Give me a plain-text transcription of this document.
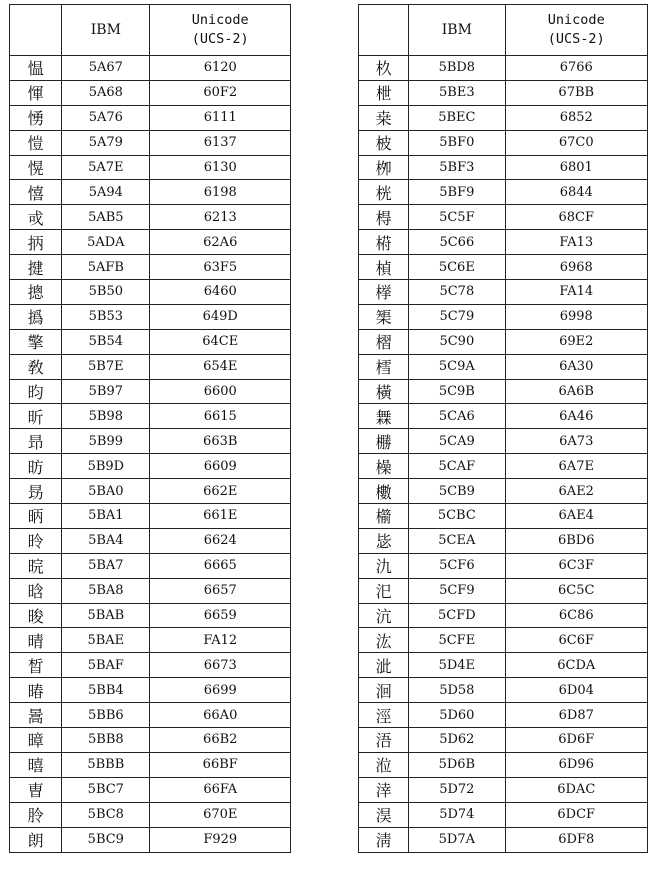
	IBM	Unicode
(UCS-2)
愠	5A67	6120
惲	5A68	60F2
愑	5A76	6111
愷	5A79	6137
愰	5A7E	6130
憘	5A94	6198
戓	5AB5	6213
抦	5ADA	62A6
揵	5AFB	63F5
摠	5B50	6460
撝	5B53	649D
擎	5B54	64CE
敎	5B7E	654E
昀	5B97	6600
昕	5B98	6615
昻	5B99	663B
昉	5B9D	6609
昮	5BA0	662E
昞	5BA1	661E
昤	5BA4	6624
晥	5BA7	6665
晗	5BA8	6657
晙	5BAB	6659
晴	5BAE	FA12
晳	5BAF	6673
暙	5BB4	6699
暠	5BB6	66A0
暲	5BB8	66B2
暿	5BBB	66BF
曺	5BC7	66FA
朎	5BC8	670E
朗	5BC9	F929
	IBM	Unicode
(UCS-2)
杦	5BD8	6766
枻	5BE3	67BB
桒	5BEC	6852
柀	5BF0	67C0
栁	5BF3	6801
桄	5BF9	6844
棏	5C5F	68CF
﨓	5C66	FA13
楨	5C6E	6968
﨔	5C78	FA14
榘	5C79	6998
槢	5C90	69E2
樰	5C9A	6A30
橫	5C9B	6A6B
橆	5CA6	6A46
橳	5CA9	6A73
橾	5CAF	6A7E
櫢	5CB9	6AE2
櫤	5CBC	6AE4
毖	5CEA	6BD6
氿	5CF6	6C3F
汜	5CF9	6C5C
沆	5CFD	6C86
汯	5CFE	6C6F
泚	5D4E	6CDA
洄	5D58	6D04
涇	5D60	6D87
浯	5D62	6D6F
涖	5D6B	6D96
涬	5D72	6DAC
淏	5D74	6DCF
淸	5D7A	6DF8
